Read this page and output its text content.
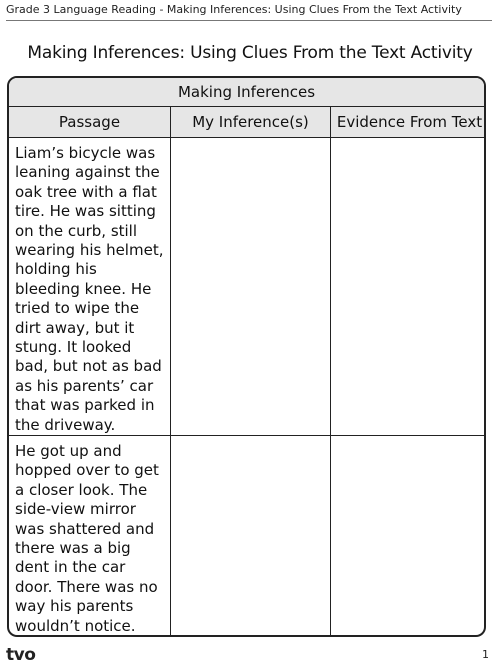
Grade 3 Language Reading - Making Inferences: Using Clues From the Text Activity
Making Inferences: Using Clues From the Text Activity
Making Inferences
Passage	My Inference(s)	Evidence From Text
Liam’s bicycle was leaning against the oak tree with a flat tire. He was sitting on the curb, still wearing his helmet, holding his bleeding knee. He tried to wipe the dirt away, but it stung. It looked bad, but not as bad as his parents’ car that was parked in the driveway.
He got up and hopped over to get a closer look. The side-view mirror was shattered and there was a big dent in the car door. There was no way his parents wouldn’t notice.
tvo	1
